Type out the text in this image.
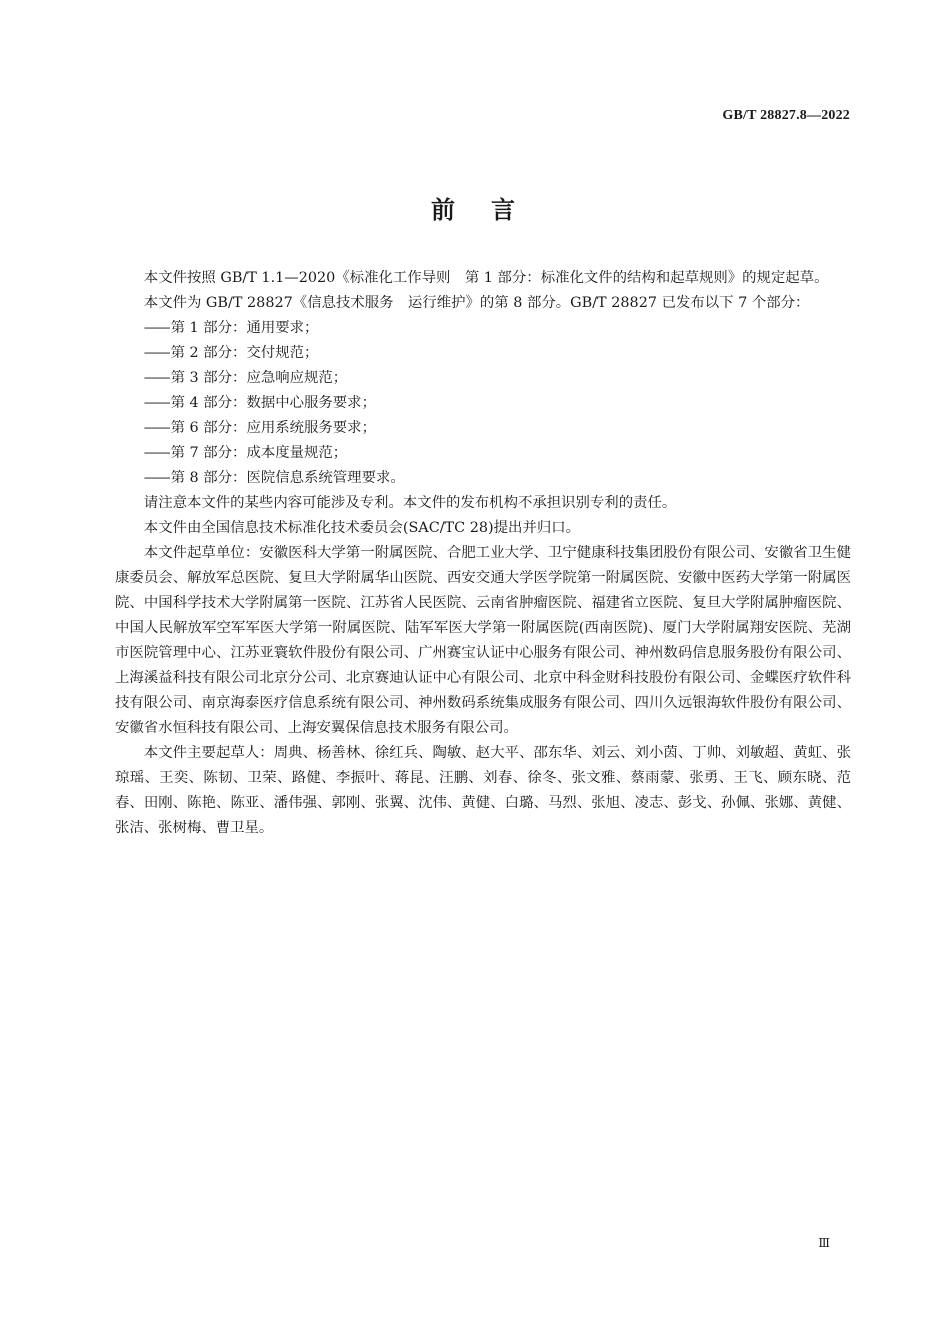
GB/T 28827.8—2022
前言

本文件按照 GB/T 1.1—2020《标准化工作导则　第 1 部分：标准化文件的结构和起草规则》的规定起草。

本文件为 GB/T 28827《信息技术服务　运行维护》的第 8 部分。GB/T 28827 已发布以下 7 个部分：

—— 第 1 部分：通用要求；
—— 第 2 部分：交付规范；
—— 第 3 部分：应急响应规范；
—— 第 4 部分：数据中心服务要求；
—— 第 6 部分：应用系统服务要求；
—— 第 7 部分：成本度量规范；
—— 第 8 部分：医院信息系统管理要求。

请注意本文件的某些内容可能涉及专利。本文件的发布机构不承担识别专利的责任。

本文件由全国信息技术标准化技术委员会(SAC/TC 28)提出并归口。

本文件起草单位：安徽医科大学第一附属医院、合肥工业大学、卫宁健康科技集团股份有限公司、安徽省卫生健康委员会、解放军总医院、复旦大学附属华山医院、西安交通大学医学院第一附属医院、安徽中医药大学第一附属医院、中国科学技术大学附属第一医院、江苏省人民医院、云南省肿瘤医院、福建省立医院、复旦大学附属肿瘤医院、中国人民解放军空军军医大学第一附属医院、陆军军医大学第一附属医院(西南医院)、厦门大学附属翔安医院、芜湖市医院管理中心、江苏亚寰软件股份有限公司、广州赛宝认证中心服务有限公司、神州数码信息服务股份有限公司、上海溪益科技有限公司北京分公司、北京赛迪认证中心有限公司、北京中科金财科技股份有限公司、金蝶医疗软件科技有限公司、南京海泰医疗信息系统有限公司、神州数码系统集成服务有限公司、四川久远银海软件股份有限公司、安徽省水恒科技有限公司、上海安翼保信息技术服务有限公司。

本文件主要起草人：周典、杨善林、徐红兵、陶敏、赵大平、邵东华、刘云、刘小茵、丁帅、刘敏超、黄虹、张琼瑶、王奕、陈韧、卫荣、路健、李振叶、蒋昆、汪鹏、刘春、徐冬、张文雅、蔡雨蒙、张勇、王飞、顾东晓、范春、田刚、陈艳、陈亚、潘伟强、郭刚、张翼、沈伟、黄健、白璐、马烈、张旭、凌志、彭戈、孙佩、张娜、黄健、张洁、张树梅、曹卫星。

Ⅲ
